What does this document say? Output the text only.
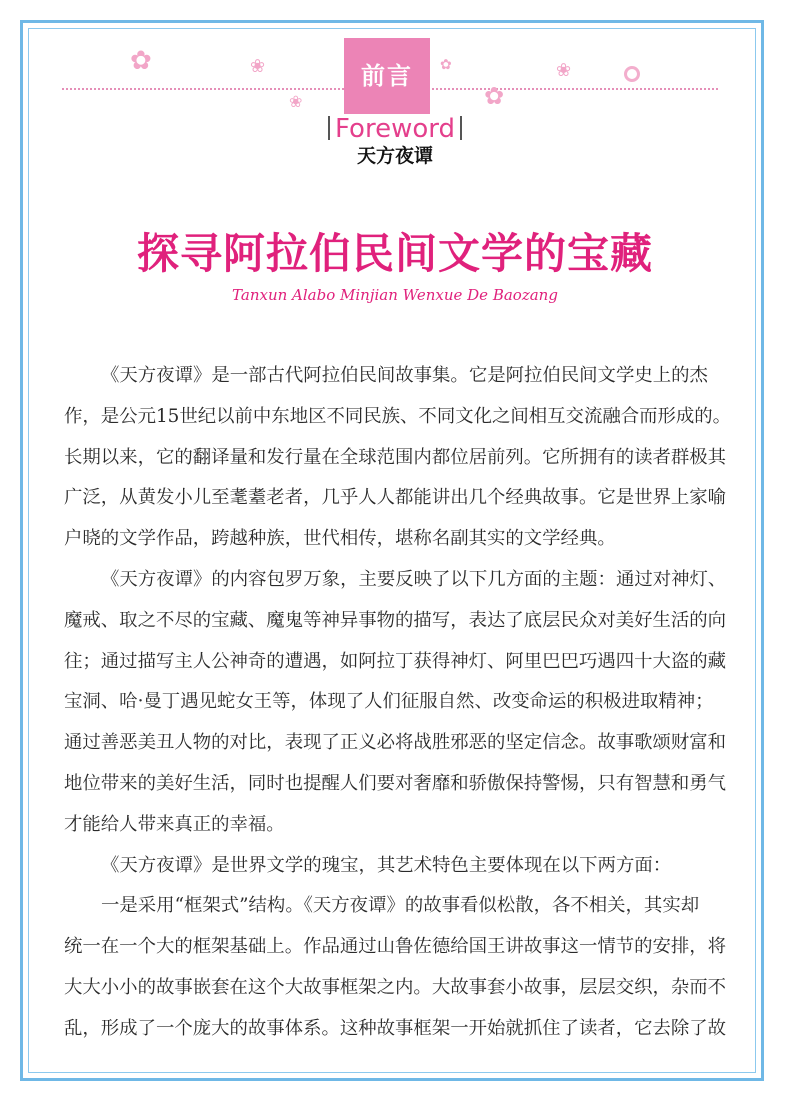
✿	❀
❀
✿
✿
❀
前言
Foreword
天方夜谭
探寻阿拉伯民间文学的宝藏
Tanxun Alabo Minjian Wenxue De Baozang

《天方夜谭》是一部古代阿拉伯民间故事集。它是阿拉伯民间文学史上的杰
作，是公元15世纪以前中东地区不同民族、不同文化之间相互交流融合而形成的。
长期以来，它的翻译量和发行量在全球范围内都位居前列。它所拥有的读者群极其
广泛，从黄发小儿至耄耋老者，几乎人人都能讲出几个经典故事。它是世界上家喻
户晓的文学作品，跨越种族，世代相传，堪称名副其实的文学经典。

《天方夜谭》的内容包罗万象，主要反映了以下几方面的主题：通过对神灯、
魔戒、取之不尽的宝藏、魔鬼等神异事物的描写，表达了底层民众对美好生活的向
往；通过描写主人公神奇的遭遇，如阿拉丁获得神灯、阿里巴巴巧遇四十大盗的藏
宝洞、哈·曼丁遇见蛇女王等，体现了人们征服自然、改变命运的积极进取精神；
通过善恶美丑人物的对比，表现了正义必将战胜邪恶的坚定信念。故事歌颂财富和
地位带来的美好生活，同时也提醒人们要对奢靡和骄傲保持警惕，只有智慧和勇气
才能给人带来真正的幸福。

《天方夜谭》是世界文学的瑰宝，其艺术特色主要体现在以下两方面：

一是采用“框架式”结构。《天方夜谭》的故事看似松散，各不相关，其实却
统一在一个大的框架基础上。作品通过山鲁佐德给国王讲故事这一情节的安排，将
大大小小的故事嵌套在这个大故事框架之内。大故事套小故事，层层交织，杂而不
乱，形成了一个庞大的故事体系。这种故事框架一开始就抓住了读者，它去除了故
